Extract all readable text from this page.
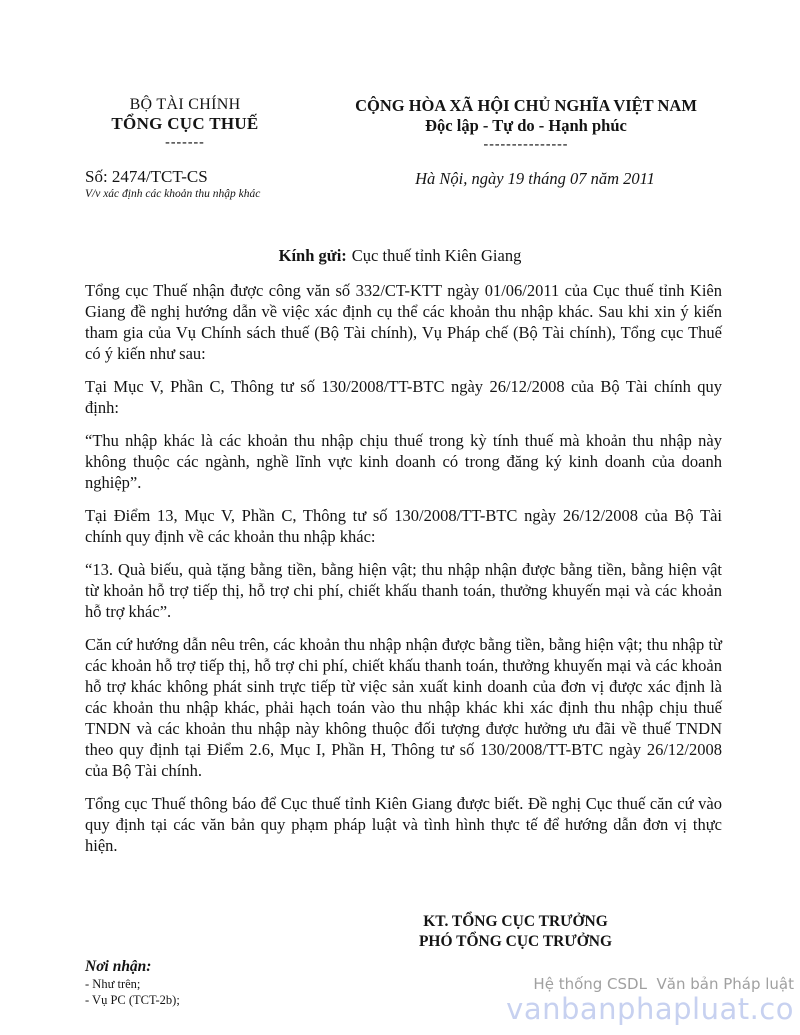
BỘ TÀI CHÍNH
TỔNG CỤC THUẾ
-------
CỘNG HÒA XÃ HỘI CHỦ NGHĨA VIỆT NAM
Độc lập - Tự do - Hạnh phúc
---------------
Số: 2474/TCT-CS
V/v xác định các khoản thu nhập khác
Hà Nội, ngày 19 tháng 07 năm 2011
Kính gửi: Cục thuế tỉnh Kiên Giang

Tổng cục Thuế nhận được công văn số 332/CT-KTT ngày 01/06/2011 của Cục thuế tỉnh Kiên Giang đề nghị hướng dẫn về việc xác định cụ thể các khoản thu nhập khác. Sau khi xin ý kiến tham gia của Vụ Chính sách thuế (Bộ Tài chính), Vụ Pháp chế (Bộ Tài chính), Tổng cục Thuế có ý kiến như sau:

Tại Mục V, Phần C, Thông tư số 130/2008/TT-BTC ngày 26/12/2008 của Bộ Tài chính quy định:

“Thu nhập khác là các khoản thu nhập chịu thuế trong kỳ tính thuế mà khoản thu nhập này không thuộc các ngành, nghề lĩnh vực kinh doanh có trong đăng ký kinh doanh của doanh nghiệp”.

Tại Điểm 13, Mục V, Phần C, Thông tư số 130/2008/TT-BTC ngày 26/12/2008 của Bộ Tài chính quy định về các khoản thu nhập khác:

“13. Quà biếu, quà tặng bằng tiền, bằng hiện vật; thu nhập nhận được bằng tiền, bằng hiện vật từ khoản hỗ trợ tiếp thị, hỗ trợ chi phí, chiết khấu thanh toán, thưởng khuyến mại và các khoản hỗ trợ khác”.

Căn cứ hướng dẫn nêu trên, các khoản thu nhập nhận được bằng tiền, bằng hiện vật; thu nhập từ các khoản hỗ trợ tiếp thị, hỗ trợ chi phí, chiết khấu thanh toán, thưởng khuyến mại và các khoản hỗ trợ khác không phát sinh trực tiếp từ việc sản xuất kinh doanh của đơn vị được xác định là các khoản thu nhập khác, phải hạch toán vào thu nhập khác khi xác định thu nhập chịu thuế TNDN và các khoản thu nhập này không thuộc đối tượng được hưởng ưu đãi về thuế TNDN theo quy định tại Điểm 2.6, Mục I, Phần H, Thông tư số 130/2008/TT-BTC ngày 26/12/2008 của Bộ Tài chính.

Tổng cục Thuế thông báo để Cục thuế tỉnh Kiên Giang được biết. Đề nghị Cục thuế căn cứ vào quy định tại các văn bản quy phạm pháp luật và tình hình thực tế để hướng dẫn đơn vị thực hiện.

KT. TỔNG CỤC TRƯỞNG
PHÓ TỔNG CỤC TRƯỞNG
Nơi nhận:
- Như trên;
- Vụ PC (TCT-2b);
Hệ thống CSDL  Văn bản Pháp luật
vanbanphapluat.co
